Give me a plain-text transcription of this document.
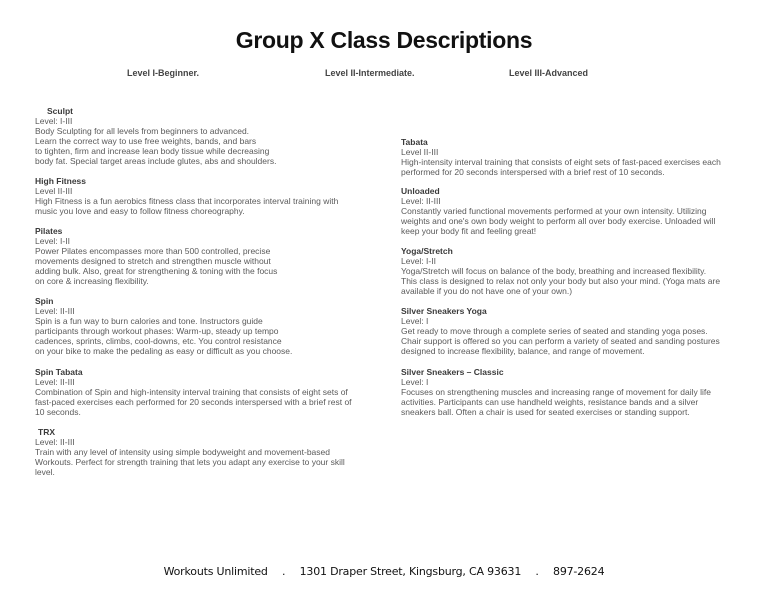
Group X Class Descriptions
Level I-Beginner.	Level II-Intermediate.	Level III-Advanced
Sculpt
Level: I-III

Body Sculpting for all levels from beginners to advanced.
Learn the correct way to use free weights, bands, and bars
to tighten, firm and increase lean body tissue while decreasing
body fat. Special target areas include glutes, abs and shoulders.

High Fitness
Level II-III

High Fitness is a fun aerobics fitness class that incorporates interval training with
music you love and easy to follow fitness choreography.

Pilates
Level: I-II

Power Pilates encompasses more than 500 controlled, precise
movements designed to stretch and strengthen muscle without
adding bulk. Also, great for strengthening & toning with the focus
on core & increasing flexibility.

Spin
Level: II-III

Spin is a fun way to burn calories and tone. Instructors guide
participants through workout phases: Warm-up, steady up tempo
cadences, sprints, climbs, cool-downs, etc. You control resistance
on your bike to make the pedaling as easy or difficult as you choose.

Spin Tabata
Level: II-III

Combination of Spin and high-intensity interval training that consists of eight sets of
fast-paced exercises each performed for 20 seconds interspersed with a brief rest of
10 seconds.

TRX
Level: II-III

Train with any level of intensity using simple bodyweight and movement-based
Workouts. Perfect for strength training that lets you adapt any exercise to your skill
level.

Tabata
Level II-III

High-intensity interval training that consists of eight sets of fast-paced exercises each
performed for 20 seconds interspersed with a brief rest of 10 seconds.

Unloaded
Level: II-III

Constantly varied functional movements performed at your own intensity. Utilizing
weights and one's own body weight to perform all over body exercise. Unloaded will
keep your body fit and feeling great!

Yoga/Stretch
Level: I-II

Yoga/Stretch will focus on balance of the body, breathing and increased flexibility.
This class is designed to relax not only your body but also your mind. (Yoga mats are
available if you do not have one of your own.)

Silver Sneakers Yoga
Level: I

Get ready to move through a complete series of seated and standing yoga poses.
Chair support is offered so you can perform a variety of seated and sanding postures
designed to increase flexibility, balance, and range of movement.

Silver Sneakers – Classic
Level: I

Focuses on strengthening muscles and increasing range of movement for daily life
activities. Participants can use handheld weights, resistance bands and a silver
sneakers ball. Often a chair is used for seated exercises or standing support.

Workouts Unlimited . 1301 Draper Street, Kingsburg, CA 93631 . 897-2624
